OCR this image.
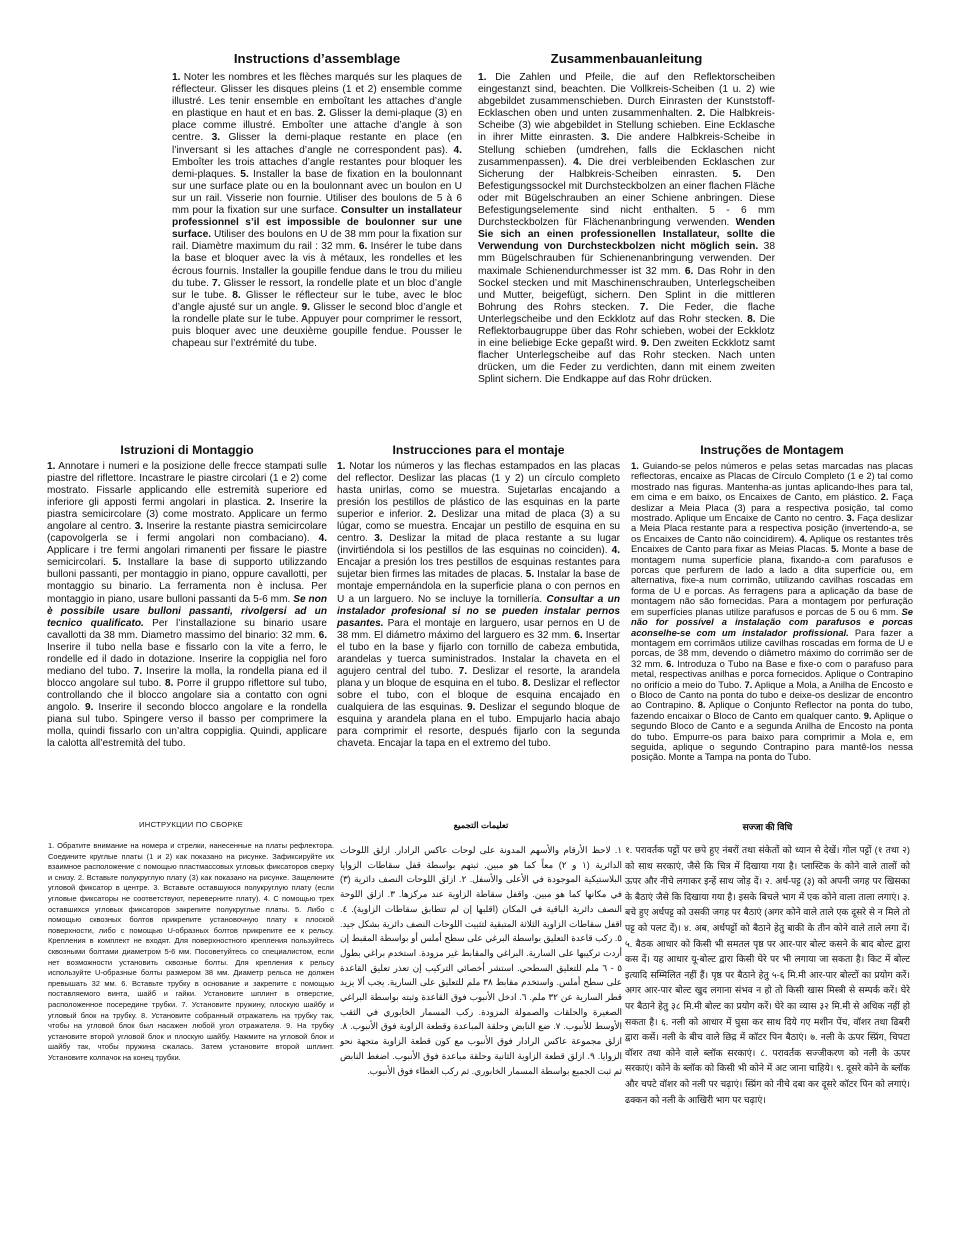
Instructions d’assemblage

1. Noter les nombres et les flèches marqués sur les plaques de réflecteur. Glisser les disques pleins (1 et 2) ensemble comme illustré. Les tenir ensemble en emboîtant les attaches d’angle en plastique en haut et en bas. 2. Glisser la demi-plaque (3) en place comme illustré. Emboîter une attache d’angle à son centre. 3. Glisser la demi-plaque restante en place (en l’inversant si les attaches d’angle ne correspondent pas). 4. Emboîter les trois attaches d’angle restantes pour bloquer les demi-plaques. 5. Installer la base de fixation en la boulonnant sur une surface plate ou en la boulonnant avec un boulon en U sur un rail. Visserie non fournie. Utiliser des boulons de 5 à 6 mm pour la fixation sur une surface. Consulter un installateur professionnel s’il est impossible de boulonner sur une surface. Utiliser des boulons en U de 38 mm pour la fixation sur rail. Diamètre maximum du rail : 32 mm. 6. Insérer le tube dans la base et bloquer avec la vis à métaux, les rondelles et les écrous fournis. Installer la goupille fendue dans le trou du milieu du tube. 7. Glisser le ressort, la rondelle plate et un bloc d’angle sur le tube. 8. Glisser le réflecteur sur le tube, avec le bloc d’angle ajusté sur un angle. 9. Glisser le second bloc d’angle et la rondelle plate sur le tube. Appuyer pour comprimer le ressort, puis bloquer avec une deuxième goupille fendue. Pousser le chapeau sur l’extrémité du tube.

Zusammenbauanleitung

1. Die Zahlen und Pfeile, die auf den Reflektorscheiben eingestanzt sind, beachten. Die Vollkreis-Scheiben (1 u. 2) wie abgebildet zusammenschieben. Durch Einrasten der Kunststoff-Ecklaschen oben und unten zusammenhalten. 2. Die Halbkreis-Scheibe (3) wie abgebildet in Stellung schieben. Eine Ecklasche in ihrer Mitte einrasten. 3. Die andere Halbkreis-Scheibe in Stellung schieben (umdrehen, falls die Ecklaschen nicht zusammenpassen). 4. Die drei verbleibenden Ecklaschen zur Sicherung der Halbkreis-Scheiben einrasten. 5. Den Befestigungssockel mit Durchsteckbolzen an einer flachen Fläche oder mit Bügelschrauben an einer Schiene anbringen. Diese Befestigungselemente sind nicht enthalten. 5 - 6 mm Durchsteckbolzen für Flächenanbringung verwenden. Wenden Sie sich an einen professionellen Installateur, sollte die Verwendung von Durchsteckbolzen nicht möglich sein. 38 mm Bügelschrauben für Schienenanbringung verwenden. Der maximale Schienendurchmesser ist 32 mm. 6. Das Rohr in den Sockel stecken und mit Maschinenschrauben, Unterlegscheiben und Mutter, beigefügt, sichern. Den Splint in die mittleren Bohrung des Rohrs stecken. 7. Die Feder, die flache Unterlegscheibe und den Eckklotz auf das Rohr stecken. 8. Die Reflektorbaugruppe über das Rohr schieben, wobei der Eckklotz in eine beliebige Ecke gepaßt wird. 9. Den zweiten Eckklotz samt flacher Unterlegscheibe auf das Rohr stecken. Nach unten drücken, um die Feder zu verdichten, dann mit einem zweiten Splint sichern. Die Endkappe auf das Rohr drücken.

Istruzioni di Montaggio

1. Annotare i numeri e la posizione delle frecce stampati sulle piastre del riflettore. Incastrare le piastre circolari (1 e 2) come mostrato. Fissarle applicando elle estremità superiore ed inferiore gli apposti fermi angolari in plastica. 2. Inserire la piastra semicircolare (3) come mostrato. Applicare un fermo angolare al centro. 3. Inserire la restante piastra semicircolare (capovolgerla se i fermi angolari non combaciano). 4. Applicare i tre fermi angolari rimanenti per fissare le piastre semicircolari. 5. Installare la base di supporto utilizzando bulloni passanti, per montaggio in piano, oppure cavallotti, per montaggio su binario. La ferramenta non è inclusa. Per montaggio in piano, usare bulloni passanti da 5-6 mm. Se non è possibile usare bulloni passanti, rivolgersi ad un tecnico qualificato. Per l’installazione su binario usare cavallotti da 38 mm. Diametro massimo del binario: 32 mm. 6. Inserire il tubo nella base e fissarlo con la vite a ferro, le rondelle ed il dado in dotazione. Inserire la coppiglia nel foro mediano del tubo. 7. Inserire la molla, la rondella piana ed il blocco angolare sul tubo. 8. Porre il gruppo riflettore sul tubo, controllando che il blocco angolare sia a contatto con ogni angolo. 9. Inserire il secondo blocco angolare e la rondella piana sul tubo. Spingere verso il basso per comprimere la molla, quindi fissarlo con un’altra coppiglia. Quindi, applicare la calotta all’estremità del tubo.

Instrucciones para el montaje

1. Notar los números y las flechas estampados en las placas del reflector. Deslizar las placas (1 y 2) un círculo completo hasta unirlas, como se muestra. Sujetarlas encajando a presión los pestillos de plástico de las esquinas en la parte superior e inferior. 2. Deslizar una mitad de placa (3) a su lúgar, como se muestra. Encajar un pestillo de esquina en su centro. 3. Deslizar la mitad de placa restante a su lugar (invirtiéndola si los pestillos de las esquinas no coinciden). 4. Encajar a presión los tres pestillos de esquinas restantes para sujetar bien firmes las mitades de placas. 5. Instalar la base de montaje empernándola en la superficie plana o con pernos en U a un larguero. No se incluye la tornillería. Consultar a un instalador profesional si no se pueden instalar pernos pasantes. Para el montaje en larguero, usar pernos en U de 38 mm. El diámetro máximo del larguero es 32 mm. 6. Insertar el tubo en la base y fijarlo con tornillo de cabeza embutida, arandelas y tuerca suministrados. Instalar la chaveta en el agujero central del tubo. 7. Deslizar el resorte, la arandela plana y un bloque de esquina en el tubo. 8. Deslizar el reflector sobre el tubo, con el bloque de esquina encajado en cualquiera de las esquinas. 9. Deslizar el segundo bloque de esquina y arandela plana en el tubo. Empujarlo hacia abajo para comprimir el resorte, después fijarlo con la segunda chaveta. Encajar la tapa en el extremo del tubo.

Instruções de Montagem

1. Guiando-se pelos números e pelas setas marcadas nas placas reflectoras, encaixe as Placas de Círculo Completo (1 e 2) tal como mostrado nas figuras. Mantenha-as juntas aplicando-lhes para tal, em cima e em baixo, os Encaixes de Canto, em plástico. 2. Faça deslizar a Meia Placa (3) para a respectiva posição, tal como mostrado. Aplique um Encaixe de Canto no centro. 3. Faça deslizar a Meia Placa restante para a respectiva posição (invertendo-a, se os Encaixes de Canto não coincidirem). 4. Aplique os restantes três Encaixes de Canto para fixar as Meias Placas. 5. Monte a base de montagem numa superfície plana, fixando-a com parafusos e porcas que perfurem de lado a lado a dita superfície ou, em alternativa, fixe-a num corrimão, utilizando cavilhas roscadas em forma de U e porcas. As ferragens para a aplicação da base de montagem não são fornecidas. Para a montagem por perfuração em superfícies planas utilize parafusos e porcas de 5 ou 6 mm. Se não for possível a instalação com parafusos e porcas aconselhe-se com um instalador profissional. Para fazer a montagem em corrimãos utilize cavilhas roscadas em forma de U e porcas, de 38 mm, devendo o diâmetro máximo do corrimão ser de 32 mm. 6. Introduza o Tubo na Base e fixe-o com o parafuso para metal, respectivas anilhas e porca fornecidos. Aplique o Contrapino no orifício a meio do Tubo. 7. Aplique a Mola, a Anilha de Encosto e o Bloco de Canto na ponta do tubo e deixe-os deslizar de encontro ao Contrapino. 8. Aplique o Conjunto Reflector na ponta do tubo, fazendo encaixar o Bloco de Canto em qualquer canto. 9. Aplique o segundo Bloco de Canto e a segunda Anilha de Encosto na ponta do tubo. Empurre-os para baixo para comprimir a Mola e, em seguida, aplique o segundo Contrapino para mantê-los nessa posição. Monte a Tampa na ponta do Tubo.

ИНСТРУКЦИИ ПО СБОРКЕ

1. Обратите внимание на номера и стрелки, нанесенные на платы рефлектора. Соедините круглые платы (1 и 2) как показано на рисунке. Зафиксируйте их взаимное расположение с помощью пластмассовых угловых фиксаторов сверху и снизу. 2. Вставьте полукруглую плату (3) как показано на рисунке. Защелкните угловой фиксатор в центре. 3. Вставьте оставшуюся полукруглую плату (если угловые фиксаторы не соответствуют, переверните плату). 4. С помощью трех оставшихся угловых фиксаторов закрепите полукруглые платы. 5. Либо с помощью сквозных болтов прикрепите установочную плату к плоской поверхности, либо с помощью U-образных болтов прикрепите ее к рельсу. Крепления в комплект не входят. Для поверхностного крепления пользуйтесь сквозными болтами диаметром 5-6 мм. Посоветуйтесь со специалистом, если нет возможности установить сквозные болты. Для крепления к рельсу используйте U-образные болты размером 38 мм. Диаметр рельса не должен превышать 32 мм. 6. Вставьте трубку в основание и закрепите с помощью поставляемого винта, шайб и гайки. Установите шплинт в отверстие, расположенное посередине трубки. 7. Установите пружину, плоскую шайбу и угловый блок на трубку. 8. Установите собранный отражатель на трубку так, чтобы на угловой блок был насажен любой угол отражателя. 9. На трубку установите второй угловой блок и плоскую шайбу. Нажмите на угловой блок и шайбу так, чтобы пружина сжалась. Затем установите второй шплинт. Установите колпачок на конец трубки.

تعليمات التجميع

١. لاحظ الأرقام والأسهم المدونة على لوحات عاكس الرادار. ازلق اللوحات الدائرية (١ و ٢) معاً كما هو مبين. ثبتهم بواسطة قفل سقاطات الزوايا البلاستيكية الموجودة في الأعلى والأسفل. ٢. ازلق اللوحات النصف دائرية (٣) في مكانها كما هو مبين. واقفل سقاطة الزاوية عند مركزها. ٣. ازلق اللوحة النصف دائرية الباقية في المكان (اقلبها إن لم تتطابق سقاطات الزاوية). ٤. اقفل سقاطات الزاوية الثلاثة المتبقية لتثبيت اللوحات النصف دائرية بشكل جيد. ٥. ركب قاعدة التعليق بواسطة البرغي على سطح أملس أو بواسطة المقبط إن أردت تركيبها على السارية. البراغي والمقابط غير مزودة. استخدم براغي بطول ٥ - ٦ ملم للتعليق السطحي. استشر أخصائي التركيب إن تعذر تعليق القاعدة على سطح أملس. واستخدم مقابط ٣٨ ملم للتعليق على السارية. يجب ألا يزيد قطر السارية عن ٣٢ ملم. ٦. ادخل الأنبوب فوق القاعدة وثبته بواسطة البراغي الصغيرة والحلقات والصمولة المزودة. ركب المسمار الخابوري في الثقب الأوسط للأنبوب. ٧. ضع النابض وحلقة المباعدة وقطعة الزاوية فوق الأنبوب. ٨. ازلق مجموعة عاكس الرادار فوق الأنبوب مع كون قطعة الزاوية متجهة نحو الزوايا. ٩. ازلق قطعة الزاوية الثانية وحلقة مباعدة فوق الأنبوب. اضغط النابض ثم ثبت الجميع بواسطة المسمار الخابوري. ثم ركب الغطاء فوق الأنبوب.

सज्जा की विधि

१. परावर्तक पट्टों पर छपे हुए नंबरों तथा संकेतों को ध्यान से देखें। गोल पट्टों (१ तथा २) को साथ सरकाएं, जैसे कि चित्र में दिखाया गया है। प्लास्टिक के कोने वाले तालों को ऊपर और नीचे लगाकर इन्हें साथ जोड़ दें। २. अर्ध-पट्ट (३) को अपनी जगह पर खिसका के बैठाएं जैसे कि दिखाया गया है। इसके बिचले भाग में एक कोने वाला ताला लगाएं। ३. बचे हुए अर्धपट्ट को उसकी जगह पर बैठाएं (अगर कोने वाले ताले एक दूसरे से न मिले तो पट्ट को पलट दें)। ४. अब, अर्धपट्टों को बैठाने हेतु बाकी के तीन कोने वाले ताले लगा दें। ५. बैठक आधार को किसी भी समतल पृष्ठ पर आर-पार बोल्ट कसने के बाद बोल्ट द्वारा कस दें। यह आधार यू-बोल्ट द्वारा किसी घेरे पर भी लगाया जा सकता है। किट में बोल्ट इत्यादि सम्मिलित नहीं हैं। पृष्ठ पर बैठाने हेतु ५-६ मि.मी आर-पार बोल्टों का प्रयोग करें। अगर आर-पार बोल्ट खुद लगाना संभव न हो तो किसी खास मिस्त्री से सम्पर्क करें। घेरे पर बैठाने हेतु ३८ मि.मी बोल्ट का प्रयोग करें। घेरे का व्यास ३२ मि.मी से अधिक नहीं हो सकता है। ६. नली को आधार में घुसा कर साथ दिये गए मशीन पेंच, वॉशर तथा ढिबरी द्वारा कसें। नली के बीच वाले छिद्र में कॉटर पिन बैठाएं। ७. नली के ऊपर स्प्रिंग, चिपटा वॉशर तथा कोने वाले ब्लॉक सरकाएं। ८. परावर्तक सज्जीकरण को नली के ऊपर सरकाएं। कोने के ब्लॉक को किसी भी कोने में अट जाना चाहिये। ९. दूसरे कोने के ब्लॉक और चपटे वॉशर को नली पर चढ़ाएं। स्प्रिंग को नीचे दबा कर दूसरे कॉटर पिन को लगाएं। ढक्कन को नली के आखिरी भाग पर चढ़ाएं।
